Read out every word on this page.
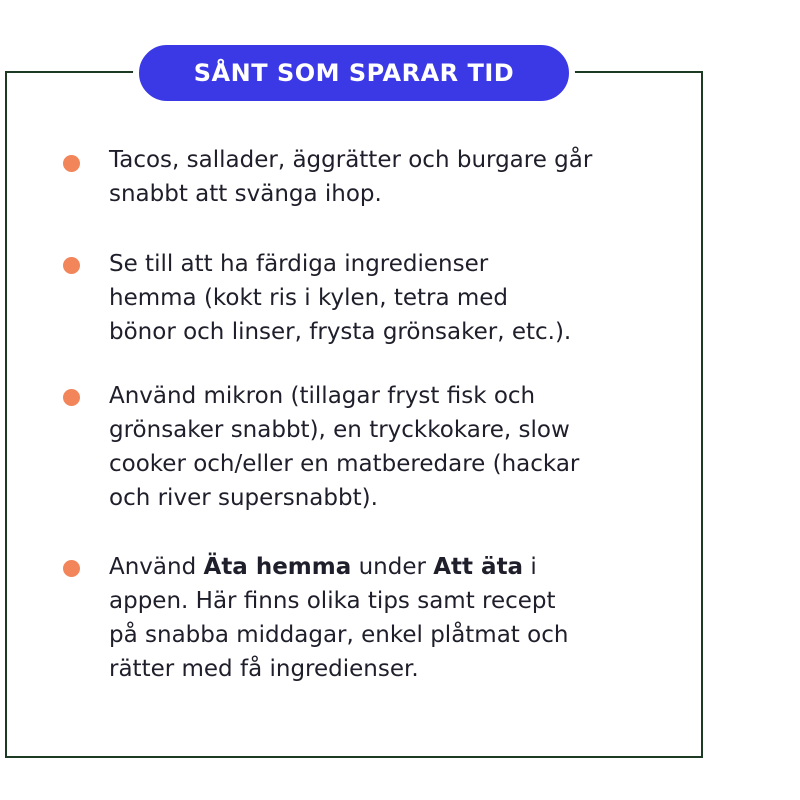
SÅNT SOM SPARAR TID
Tacos, sallader, äggrätter och burgare går
snabbt att svänga ihop.
Se till att ha färdiga ingredienser
hemma (kokt ris i kylen, tetra med
bönor och linser, frysta grönsaker, etc.).
Använd mikron (tillagar fryst fisk och
grönsaker snabbt), en tryckkokare, slow
cooker och/eller en matberedare (hackar
och river supersnabbt).
Använd Äta hemma under Att äta i
appen. Här finns olika tips samt recept
på snabba middagar, enkel plåtmat och
rätter med få ingredienser.
